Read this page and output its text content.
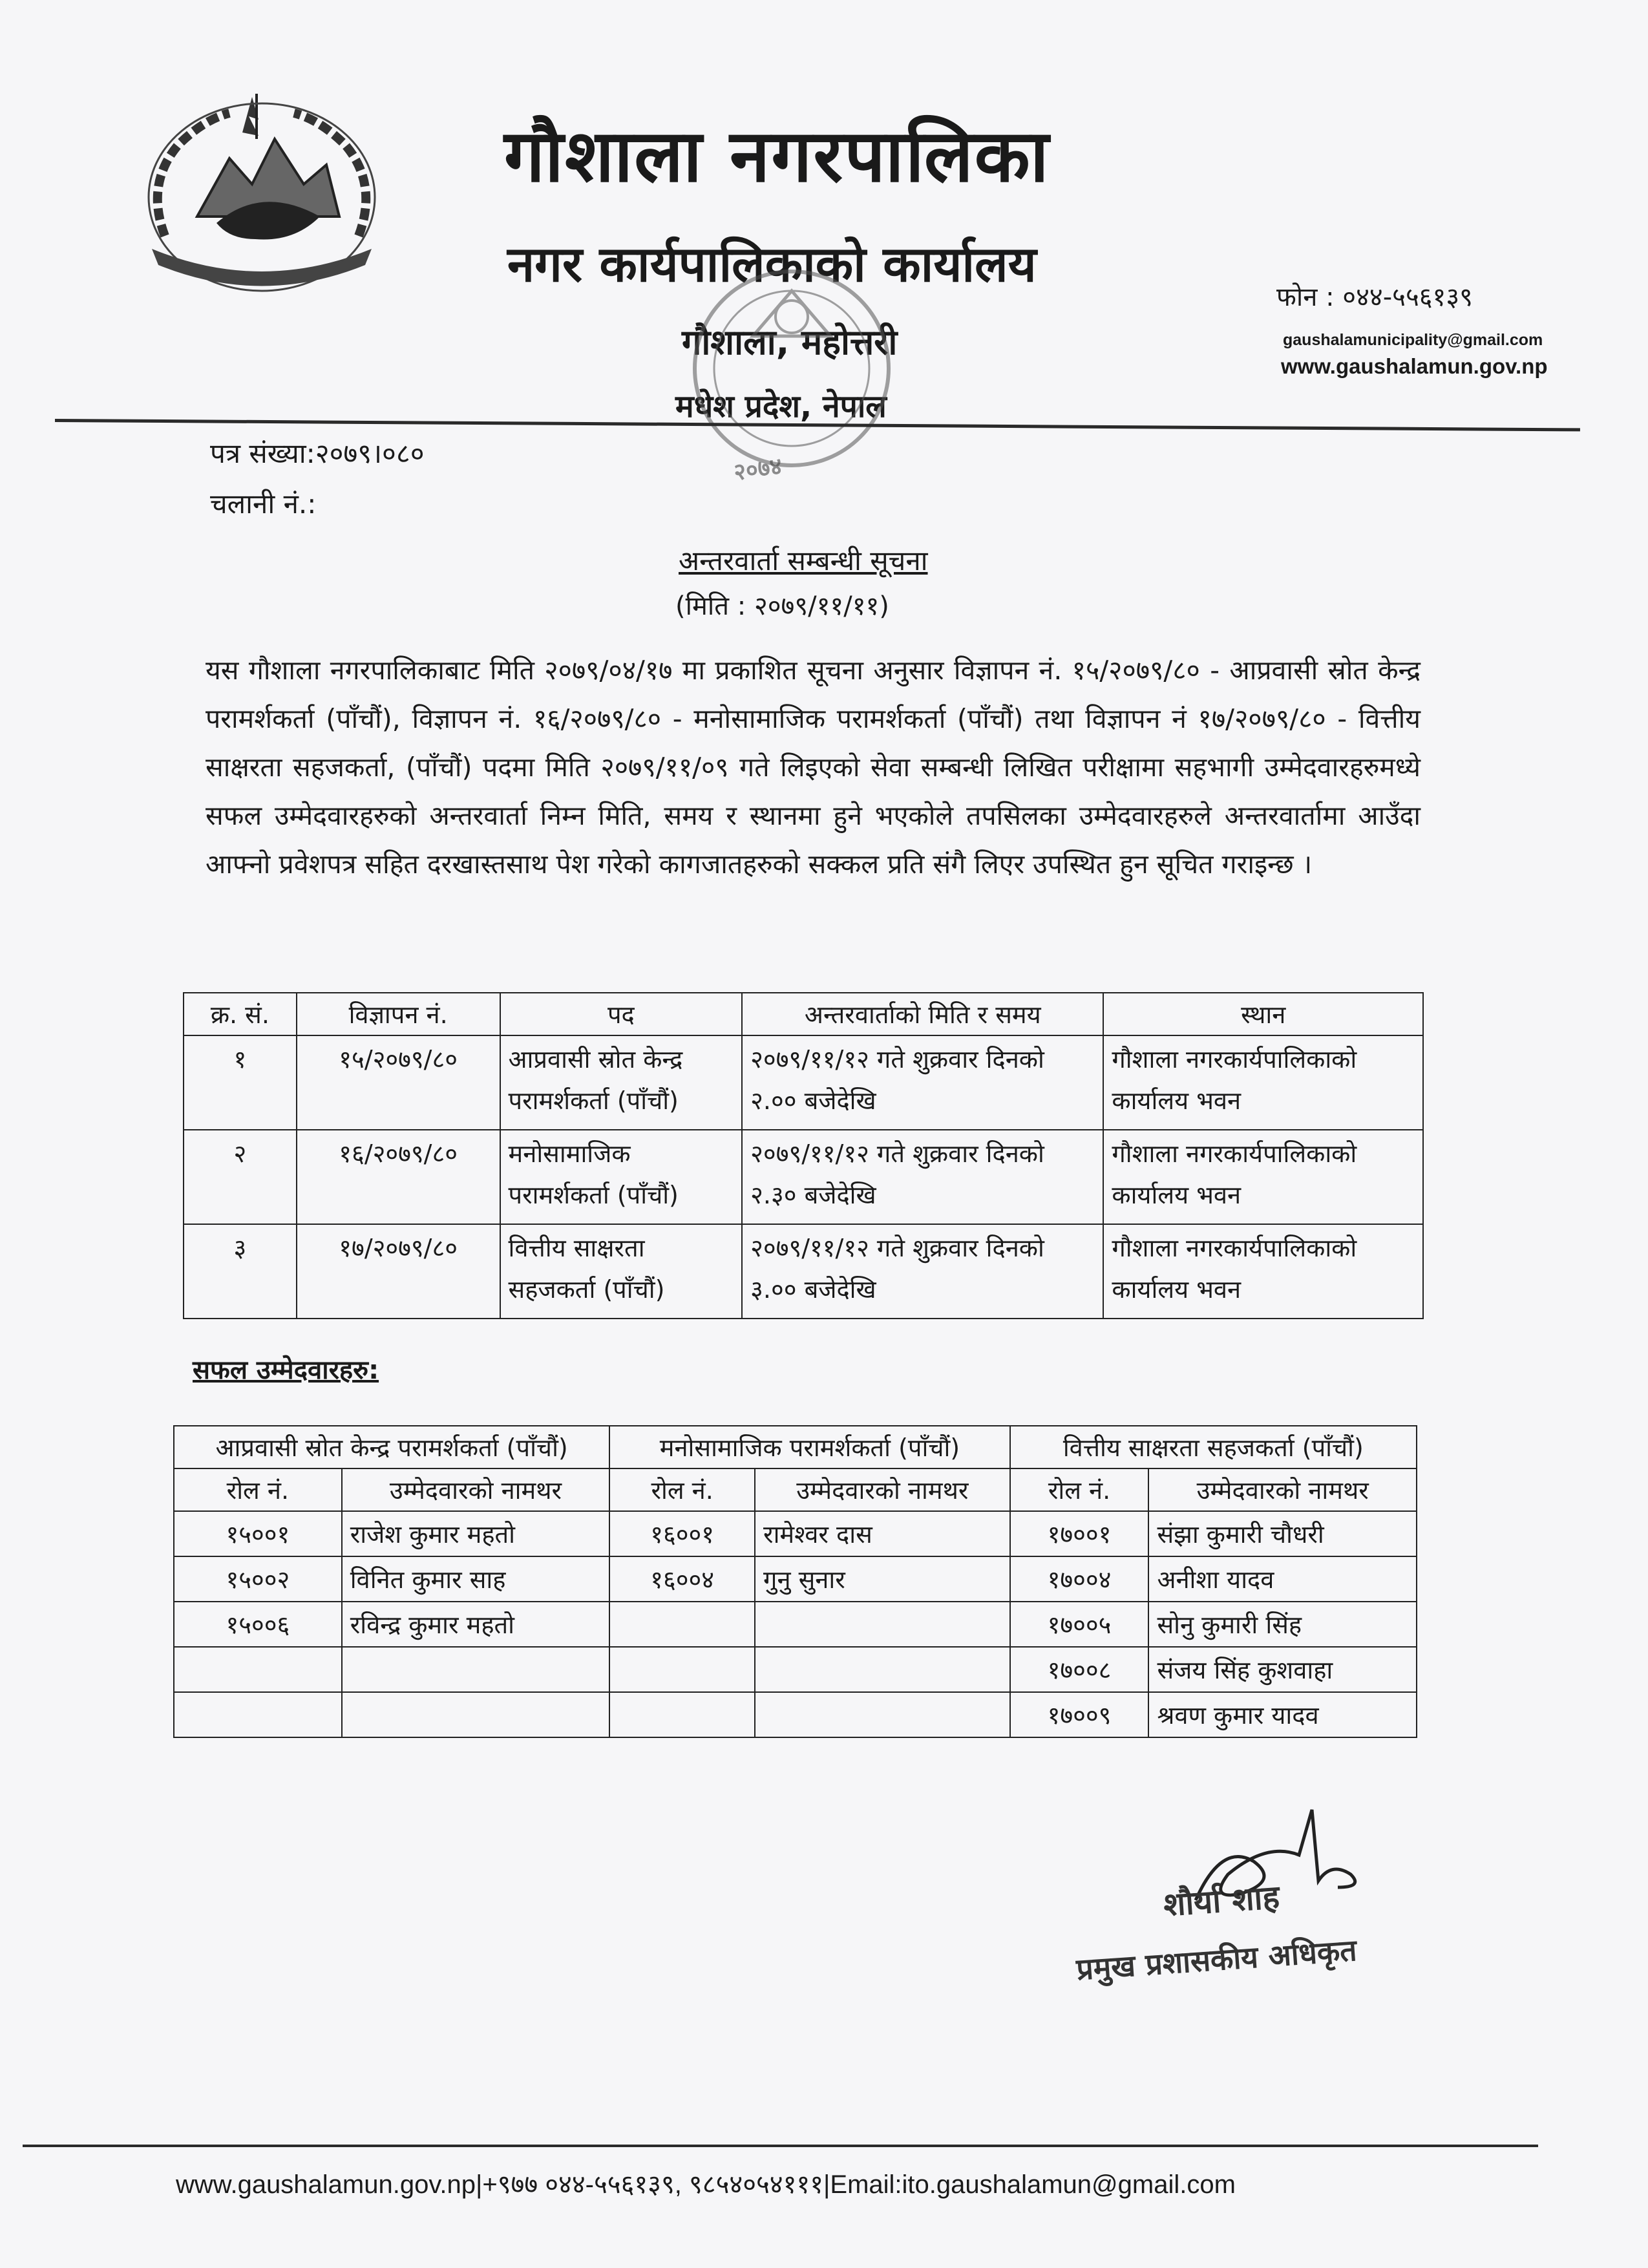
गौशाला नगरपालिका
नगर कार्यपालिकाको कार्यालय
गौशाला, महोत्तरी
मधेश प्रदेश, नेपाल
फोन : ०४४-५५६१३९
gaushalamunicipality@gmail.com
www.gaushalamun.gov.np
२०७४
पत्र संख्या:२०७९।०८०
चलानी नं.:
अन्तरवार्ता सम्बन्धी सूचना
(मिति : २०७९/११/११)
यस गौशाला नगरपालिकाबाट मिति २०७९/०४/१७ मा प्रकाशित सूचना अनुसार विज्ञापन नं. १५/२०७९/८० - आप्रवासी स्रोत केन्द्र परामर्शकर्ता (पाँचौं), विज्ञापन नं. १६/२०७९/८० - मनोसामाजिक परामर्शकर्ता (पाँचौं) तथा विज्ञापन नं १७/२०७९/८० - वित्तीय साक्षरता सहजकर्ता, (पाँचौं) पदमा मिति २०७९/११/०९ गते लिइएको सेवा सम्बन्धी लिखित परीक्षामा सहभागी उम्मेदवारहरुमध्ये सफल उम्मेदवारहरुको अन्तरवार्ता निम्न मिति, समय र स्थानमा हुने भएकोले तपसिलका उम्मेदवारहरुले अन्तरवार्तामा आउँदा आफ्नो प्रवेशपत्र सहित दरखास्तसाथ पेश गरेको कागजातहरुको सक्कल प्रति संगै लिएर उपस्थित हुन सूचित गराइन्छ ।
क्र. सं.	विज्ञापन नं.	पद	अन्तरवार्ताको मिति र समय	स्थान
१	१५/२०७९/८०	आप्रवासी स्रोत केन्द्र परामर्शकर्ता (पाँचौं)	२०७९/११/१२ गते शुक्रवार दिनको २.०० बजेदेखि	गौशाला नगरकार्यपालिकाको कार्यालय भवन
२	१६/२०७९/८०	मनोसामाजिक परामर्शकर्ता (पाँचौं)	२०७९/११/१२ गते शुक्रवार दिनको २.३० बजेदेखि	गौशाला नगरकार्यपालिकाको कार्यालय भवन
३	१७/२०७९/८०	वित्तीय साक्षरता सहजकर्ता (पाँचौं)	२०७९/११/१२ गते शुक्रवार दिनको ३.०० बजेदेखि	गौशाला नगरकार्यपालिकाको कार्यालय भवन
सफल उम्मेदवारहरु:
आप्रवासी स्रोत केन्द्र परामर्शकर्ता (पाँचौं)		मनोसामाजिक परामर्शकर्ता (पाँचौं)		वित्तीय साक्षरता सहजकर्ता (पाँचौं)	
रोल नं.	उम्मेदवारको नामथर	रोल नं.	उम्मेदवारको नामथर	रोल नं.	उम्मेदवारको नामथर
१५००१	राजेश कुमार महतो	१६००१	रामेश्वर दास	१७००१	संझा कुमारी चौधरी
१५००२	विनित कुमार साह	१६००४	गुनु सुनार	१७००४	अनीशा यादव
१५००६	रविन्द्र कुमार महतो			१७००५	सोनु कुमारी सिंह
				१७००८	संजय सिंह कुशवाहा
				१७००९	श्रवण कुमार यादव
शौर्या शाह
प्रमुख प्रशासकीय अधिकृत
www.gaushalamun.gov.np|+९७७ ०४४-५५६१३९, ९८५४०५४१११|Email:ito.gaushalamun@gmail.com
